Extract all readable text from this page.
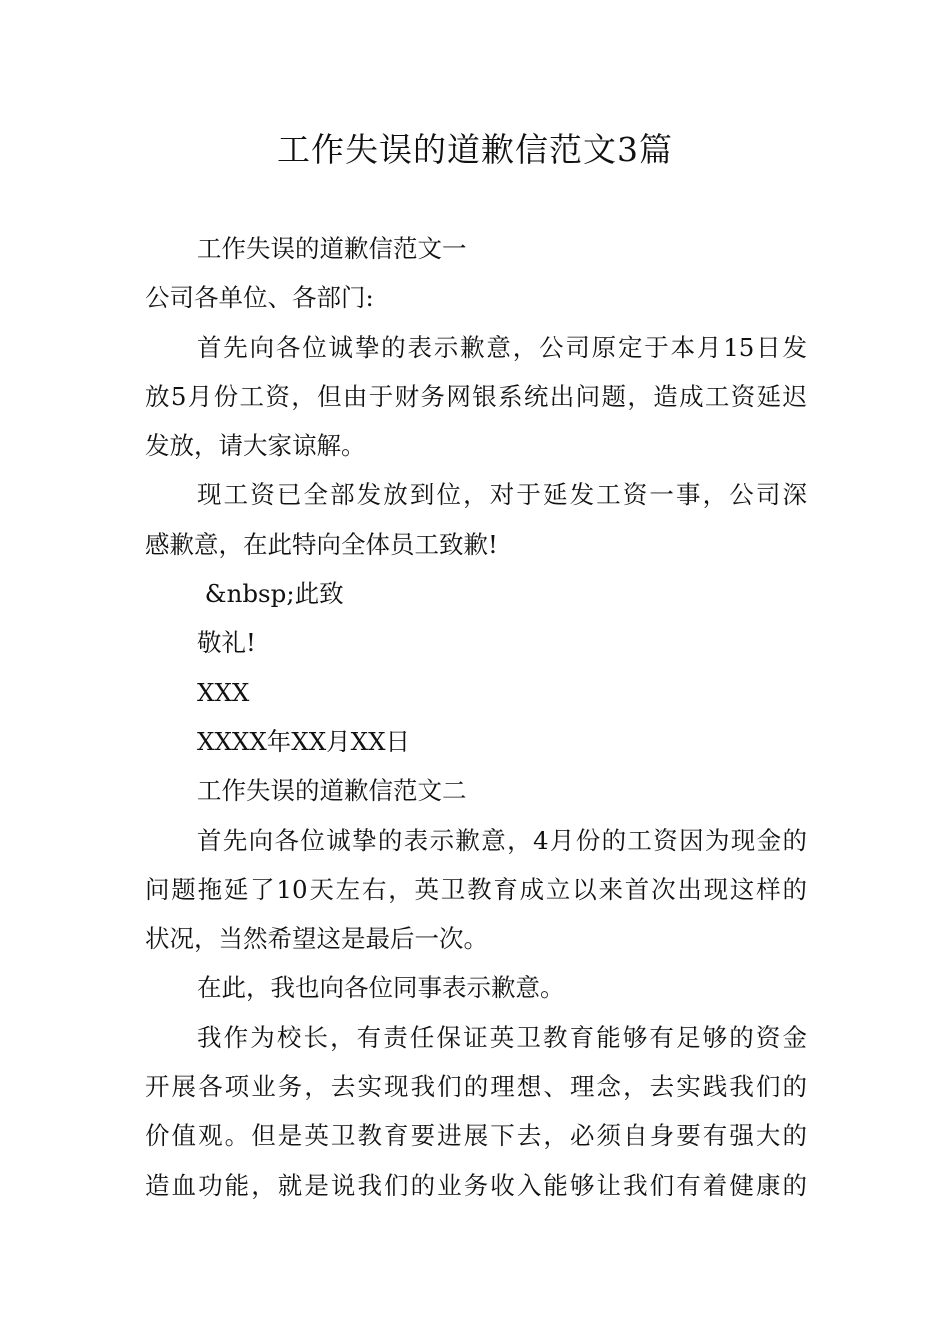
工作失误的道歉信范文3篇
工作失误的道歉信范文一
公司各单位、各部门:
首先向各位诚挚的表示歉意，公司原定于本月15日发
放5月份工资，但由于财务网银系统出问题，造成工资延迟
发放，请大家谅解。
现工资已全部发放到位，对于延发工资一事，公司深
感歉意，在此特向全体员工致歉!
&nbsp;此致
敬礼!
XXX
XXXX年XX月XX日
工作失误的道歉信范文二
首先向各位诚挚的表示歉意，4月份的工资因为现金的
问题拖延了10天左右，英卫教育成立以来首次出现这样的
状况，当然希望这是最后一次。
在此，我也向各位同事表示歉意。
我作为校长，有责任保证英卫教育能够有足够的资金
开展各项业务，去实现我们的理想、理念，去实践我们的
价值观。但是英卫教育要进展下去，必须自身要有强大的
造血功能，就是说我们的业务收入能够让我们有着健康的
